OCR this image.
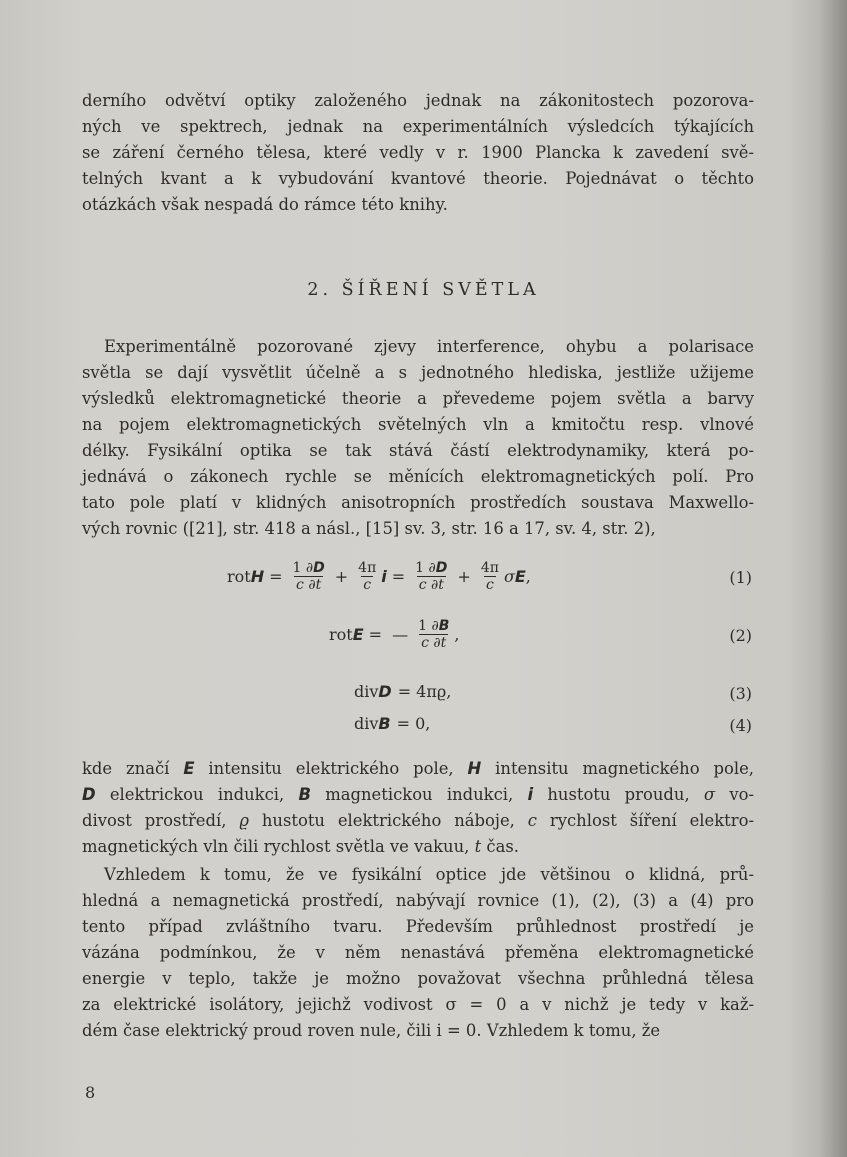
derního odvětví optiky založeného jednak na zákonitostech pozorova-
ných ve spektrech, jednak na experimentálních výsledcích týkajících
se záření černého tělesa, které vedly v r. 1900 Plancka k zavedení svě-
telných kvant a k vybudování kvantové theorie. Pojednávat o těchto
otázkách však nespadá do rámce této knihy.
2. ŠÍŘENÍ SVĚTLA
Experimentálně pozorované zjevy interference, ohybu a polarisace
světla se dají vysvětlit účelně a s jednotného hlediska, jestliže užijeme
výsledků elektromagnetické theorie a převedeme pojem světla a barvy
na pojem elektromagnetických světelných vln a kmitočtu resp. vlnové
délky. Fysikální optika se tak stává částí elektrodynamiky, která po-
jednává o zákonech rychle se měnících elektromagnetických polí. Pro
tato pole platí v klidných anisotropních prostředích soustava Maxwello-
vých rovnic ([21], str. 418 a násl., [15] sv. 3, str. 16 a 17, sv. 4, str. 2),
rot $H = \frac{1 \partial D}{c \partial t} + \frac{4\pi}{c}$ $i = \frac{1 \partial D}{c \partial t} + \frac{4\pi}{c}$ σ E ,	(1)
rot E = — $\frac{1 \partial B}{c \partial t}$ ,	(2)
div D = 4πϱ,	(3)
div B = 0,	(4)
kde značí E intensitu elektrického pole, H intensitu magnetického pole,
D elektrickou indukci, B magnetickou indukci, i hustotu proudu, σ vo-
divost prostředí, ϱ hustotu elektrického náboje, c rychlost šíření elektro-
magnetických vln čili rychlost světla ve vakuu, t čas.
Vzhledem k tomu, že ve fysikální optice jde většinou o klidná, prů-
hledná a nemagnetická prostředí, nabývají rovnice (1), (2), (3) a (4) pro
tento případ zvláštního tvaru. Především průhlednost prostředí je
vázána podmínkou, že v něm nenastává přeměna elektromagnetické
energie v teplo, takže je možno považovat všechna průhledná tělesa
za elektrické isolátory, jejichž vodivost σ = 0 a v nichž je tedy v kaž-
dém čase elektrický proud roven nule, čili i = 0. Vzhledem k tomu, že
8
